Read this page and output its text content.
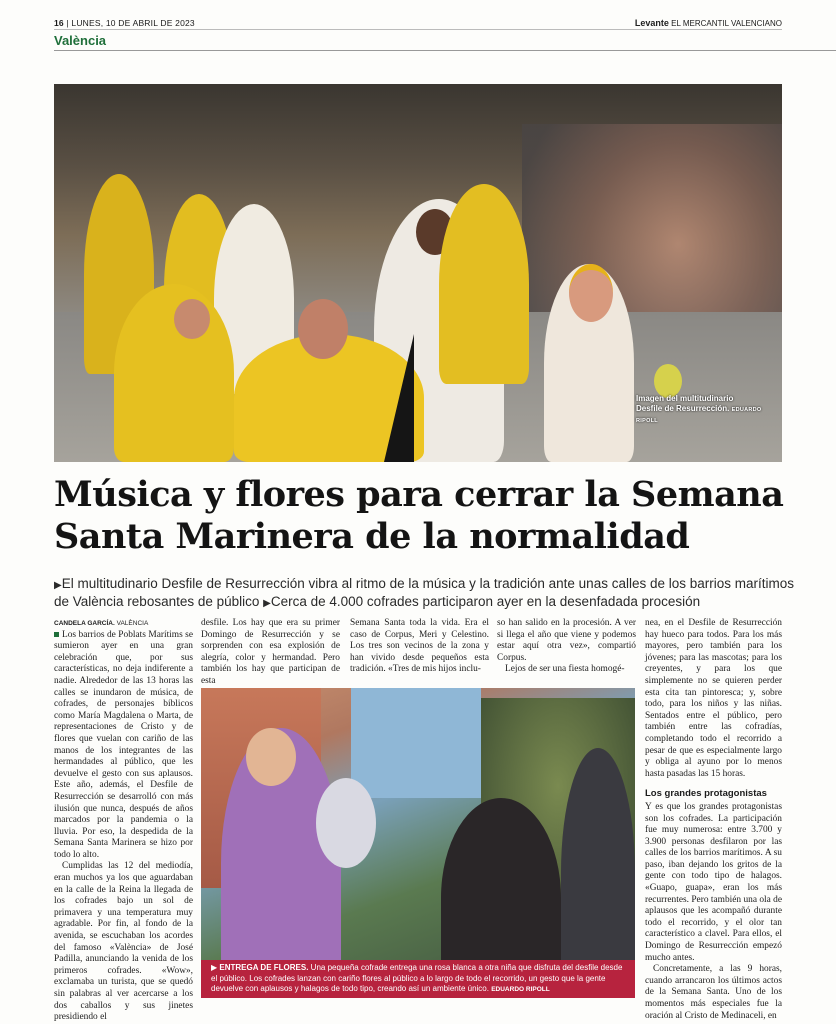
16 | LUNES, 10 DE ABRIL DE 2023	Levante EL MERCANTIL VALENCIANO
València
Imagen del multitudinario
Desfile de Resurrección. EDUARDO RIPOLL
Música y flores para cerrar la Semana Santa Marinera de la normalidad
▶El multitudinario Desfile de Resurrección vibra al ritmo de la música y la tradición ante unas calles de los barrios marítimos de València rebosantes de público ▶Cerca de 4.000 cofrades participaron ayer en la desenfadada procesión
CANDELA GARCÍA. VALÈNCIA

Los barrios de Poblats Marítims se sumieron ayer en una gran celebración que, por sus características, no deja indiferente a nadie. Alrededor de las 13 horas las calles se inundaron de música, de cofrades, de personajes bíblicos como María Magdalena o Marta, de representaciones de Cristo y de flores que vuelan con cariño de las manos de los integrantes de las hermandades al público, que les devuelve el gesto con sus aplausos. Este año, además, el Desfile de Resurrección se desarrolló con más ilusión que nunca, después de años marcados por la pandemia o la lluvia. Por eso, la despedida de la Semana Santa Marinera se hizo por todo lo alto.

Cumplidas las 12 del mediodía, eran muchos ya los que aguardaban en la calle de la Reina la llegada de los cofrades bajo un sol de primavera y una temperatura muy agradable. Por fin, al fondo de la avenida, se escuchaban los acordes del famoso «València» de José Padilla, anunciando la venida de los primeros cofrades. «Wow», exclamaba un turista, que se quedó sin palabras al ver acercarse a los dos caballos y sus jinetes presidiendo el

desfile. Los hay que era su primer Domingo de Resurrección y se sorprenden con esa explosión de alegría, color y hermandad. Pero también los hay que participan de esta

Semana Santa toda la vida. Era el caso de Corpus, Meri y Celestino. Los tres son vecinos de la zona y han vivido desde pequeños esta tradición. «Tres de mis hijos inclu-

so han salido en la procesión. A ver si llega el año que viene y podemos estar aquí otra vez», compartió Corpus.

Lejos de ser una fiesta homogé-

nea, en el Desfile de Resurrección hay hueco para todos. Para los más mayores, pero también para los jóvenes; para las mascotas; para los creyentes, y para los que simplemente no se quieren perder esta cita tan pintoresca; y, sobre todo, para los niños y las niñas. Sentados entre el público, pero también entre las cofradías, completando todo el recorrido a pesar de que es especialmente largo y obliga al ayuno por lo menos hasta pasadas las 15 horas.

Los grandes protagonistas

Y es que los grandes protagonistas son los cofrades. La participación fue muy numerosa: entre 3.700 y 3.900 personas desfilaron por las calles de los barrios marítimos. A su paso, iban dejando los gritos de la gente con todo tipo de halagos. «Guapo, guapa», eran los más recurrentes. Pero también una ola de aplausos que les acompañó durante todo el recorrido, y el olor tan característico a clavel. Para ellos, el Domingo de Resurrección empezó mucho antes.

Concretamente, a las 9 horas, cuando arrancaron los últimos actos de la Semana Santa. Uno de los momentos más especiales fue la oración al Cristo de Medinaceli, en

▶ ENTREGA DE FLORES. Una pequeña cofrade entrega una rosa blanca a otra niña que disfruta del desfile desde el público. Los cofrades lanzan con cariño flores al público a lo largo de todo el recorrido, un gesto que la gente devuelve con aplausos y halagos de todo tipo, creando así un ambiente único. EDUARDO RIPOLL
